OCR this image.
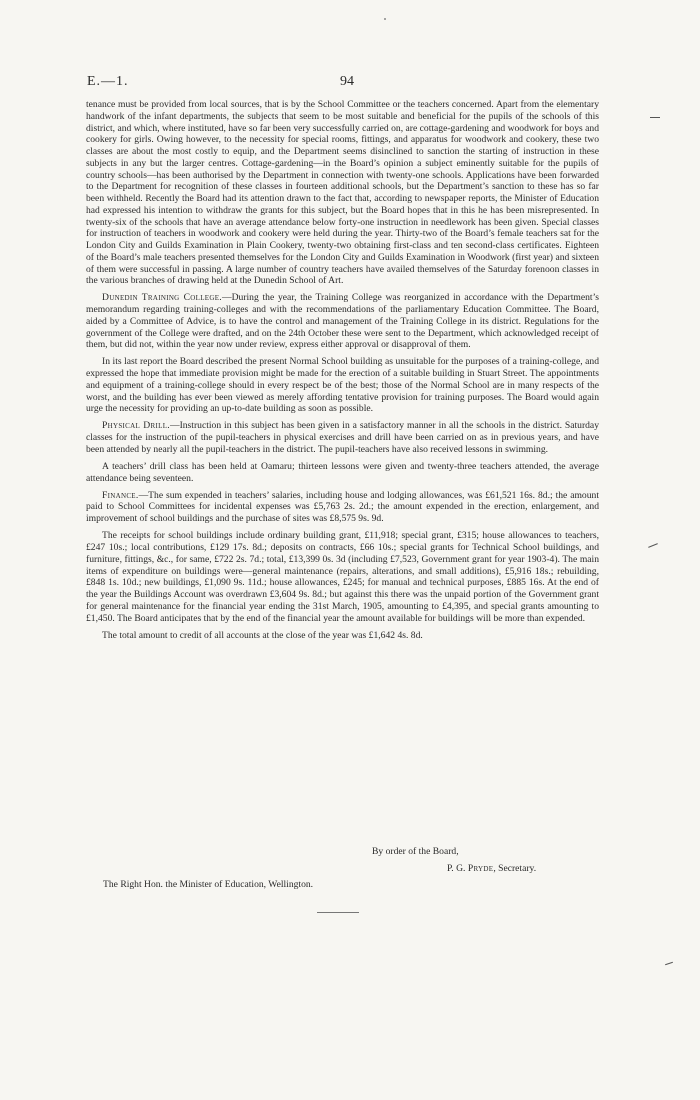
E.—1.	94

tenance must be provided from local sources, that is by the School Committee or the teachers concerned. Apart from the elementary handwork of the infant departments, the subjects that seem to be most suitable and beneficial for the pupils of the schools of this district, and which, where instituted, have so far been very successfully carried on, are cottage-gardening and woodwork for boys and cookery for girls. Owing however, to the necessity for special rooms, fittings, and apparatus for woodwork and cookery, these two classes are about the most costly to equip, and the Department seems disinclined to sanction the starting of instruction in these subjects in any but the larger centres. Cottage-gardening—in the Board’s opinion a subject eminently suitable for the pupils of country schools—has been authorised by the Department in connection with twenty-one schools. Applications have been forwarded to the Department for recognition of these classes in fourteen additional schools, but the Department’s sanction to these has so far been withheld. Recently the Board had its attention drawn to the fact that, according to newspaper reports, the Minister of Education had expressed his intention to withdraw the grants for this subject, but the Board hopes that in this he has been misrepresented. In twenty-six of the schools that have an average attendance below forty-one instruction in needlework has been given. Special classes for instruction of teachers in woodwork and cookery were held during the year. Thirty-two of the Board’s female teachers sat for the London City and Guilds Examination in Plain Cookery, twenty-two obtaining first-class and ten second-class certificates. Eighteen of the Board’s male teachers presented themselves for the London City and Guilds Examination in Woodwork (first year) and sixteen of them were successful in passing. A large number of country teachers have availed themselves of the Saturday forenoon classes in the various branches of drawing held at the Dunedin School of Art.

Dunedin Training College.—During the year, the Training College was reorganized in accordance with the Department’s memorandum regarding training-colleges and with the recommendations of the parliamentary Education Committee. The Board, aided by a Committee of Advice, is to have the control and management of the Training College in its district. Regulations for the government of the College were drafted, and on the 24th October these were sent to the Department, which acknowledged receipt of them, but did not, within the year now under review, express either approval or disapproval of them.

In its last report the Board described the present Normal School building as unsuitable for the purposes of a training-college, and expressed the hope that immediate provision might be made for the erection of a suitable building in Stuart Street. The appointments and equipment of a training-college should in every respect be of the best; those of the Normal School are in many respects of the worst, and the building has ever been viewed as merely affording tentative provision for training purposes. The Board would again urge the necessity for providing an up-to-date building as soon as possible.

Physical Drill.—Instruction in this subject has been given in a satisfactory manner in all the schools in the district. Saturday classes for the instruction of the pupil-teachers in physical exercises and drill have been carried on as in previous years, and have been attended by nearly all the pupil-teachers in the district. The pupil-teachers have also received lessons in swimming.

A teachers’ drill class has been held at Oamaru; thirteen lessons were given and twenty-three teachers attended, the average attendance being seventeen.

Finance.—The sum expended in teachers’ salaries, including house and lodging allowances, was £61,521 16s. 8d.; the amount paid to School Committees for incidental expenses was £5,763 2s. 2d.; the amount expended in the erection, enlargement, and improvement of school buildings and the purchase of sites was £8,575 9s. 9d.

The receipts for school buildings include ordinary building grant, £11,918; special grant, £315; house allowances to teachers, £247 10s.; local contributions, £129 17s. 8d.; deposits on contracts, £66 10s.; special grants for Technical School buildings, and furniture, fittings, &c., for same, £722 2s. 7d.; total, £13,399 0s. 3d (including £7,523, Government grant for year 1903-4). The main items of expenditure on buildings were—general maintenance (repairs, alterations, and small additions), £5,916 18s.; rebuilding, £848 1s. 10d.; new buildings, £1,090 9s. 11d.; house allowances, £245; for manual and technical purposes, £885 16s. At the end of the year the Buildings Account was overdrawn £3,604 9s. 8d.; but against this there was the unpaid portion of the Government grant for general maintenance for the financial year ending the 31st March, 1905, amounting to £4,395, and special grants amounting to £1,450. The Board anticipates that by the end of the financial year the amount available for buildings will be more than expended.

The total amount to credit of all accounts at the close of the year was £1,642 4s. 8d.

By order of the Board,
P. G. Pryde, Secretary.
The Right Hon. the Minister of Education, Wellington.
